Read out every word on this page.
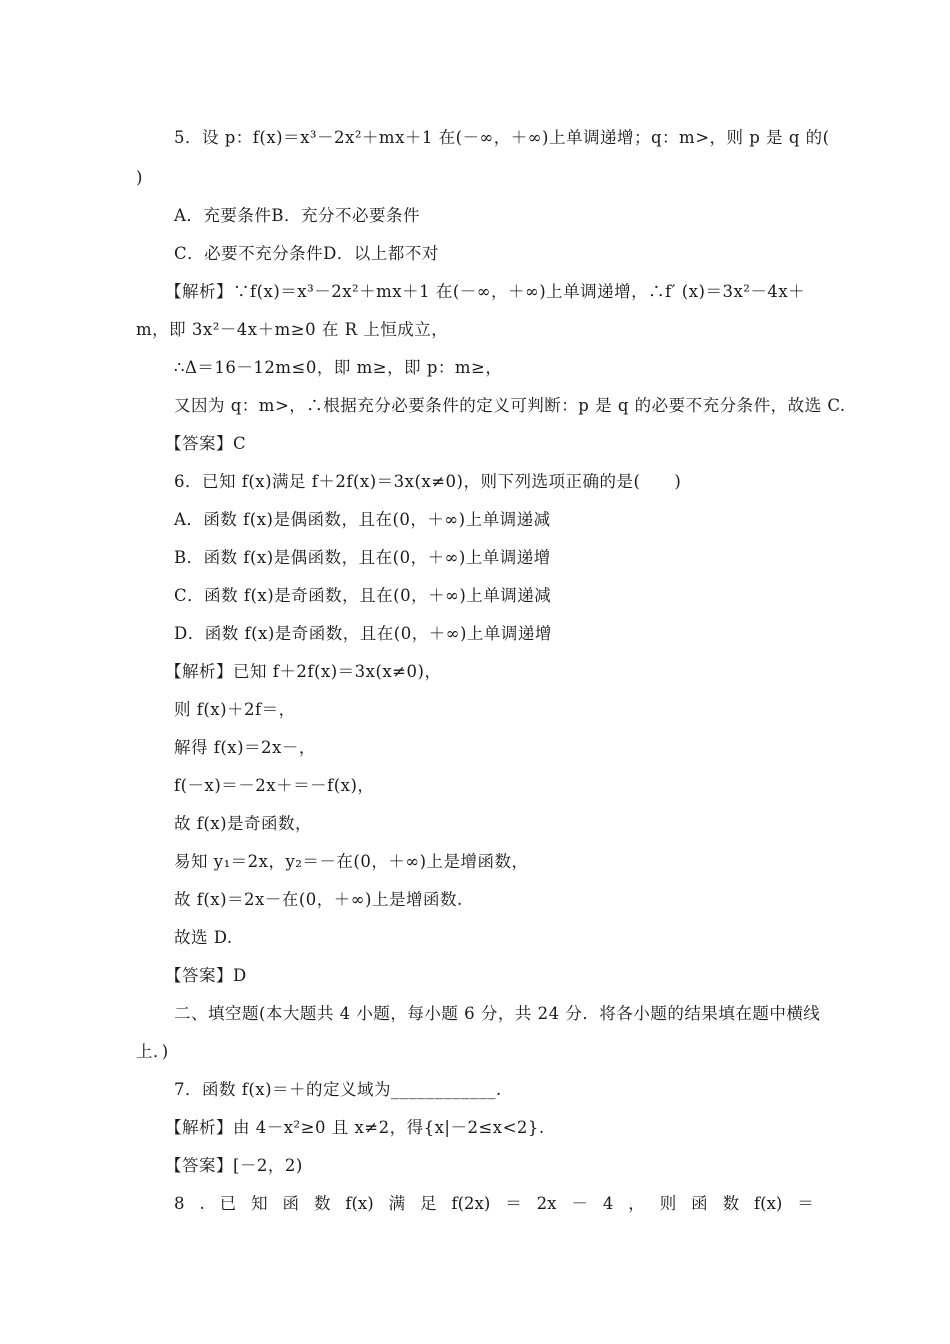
5．设 p：f(x)＝x³－2x²＋mx＋1 在(－∞，＋∞)上单调递增；q：m>，则 p 是 q 的(
)
A．充要条件B．充分不必要条件
C．必要不充分条件D．以上都不对
【解析】∵f(x)＝x³－2x²＋mx＋1 在(－∞，＋∞)上单调递增，∴f′ (x)＝3x²－4x＋
m，即 3x²－4x＋m≥0 在 R 上恒成立，
∴Δ＝16－12m≤0，即 m≥，即 p：m≥，
又因为 q：m>，∴根据充分必要条件的定义可判断：p 是 q 的必要不充分条件，故选 C.
【答案】C
6．已知 f(x)满足 f＋2f(x)＝3x(x≠0)，则下列选项正确的是(　　)
A．函数 f(x)是偶函数，且在(0，＋∞)上单调递减
B．函数 f(x)是偶函数，且在(0，＋∞)上单调递增
C．函数 f(x)是奇函数，且在(0，＋∞)上单调递减
D．函数 f(x)是奇函数，且在(0，＋∞)上单调递增
【解析】已知 f＋2f(x)＝3x(x≠0)，
则 f(x)＋2f＝，
解得 f(x)＝2x－，
f(－x)＝－2x＋＝－f(x)，
故 f(x)是奇函数，
易知 y₁＝2x，y₂＝－在(0，＋∞)上是增函数，
故 f(x)＝2x－在(0，＋∞)上是增函数.
故选 D.
【答案】D
二、填空题(本大题共 4 小题，每小题 6 分，共 24 分．将各小题的结果填在题中横线
上．)
7．函数 f(x)＝＋的定义域为____________.
【解析】由 4－x²≥0 且 x≠2，得{x|－2≤x<2}.
【答案】[－2，2)
8 . 已 知 函 数 f(x) 满 足 f(2x) ＝ 2x － 4 ， 则 函 数 f(x) ＝
